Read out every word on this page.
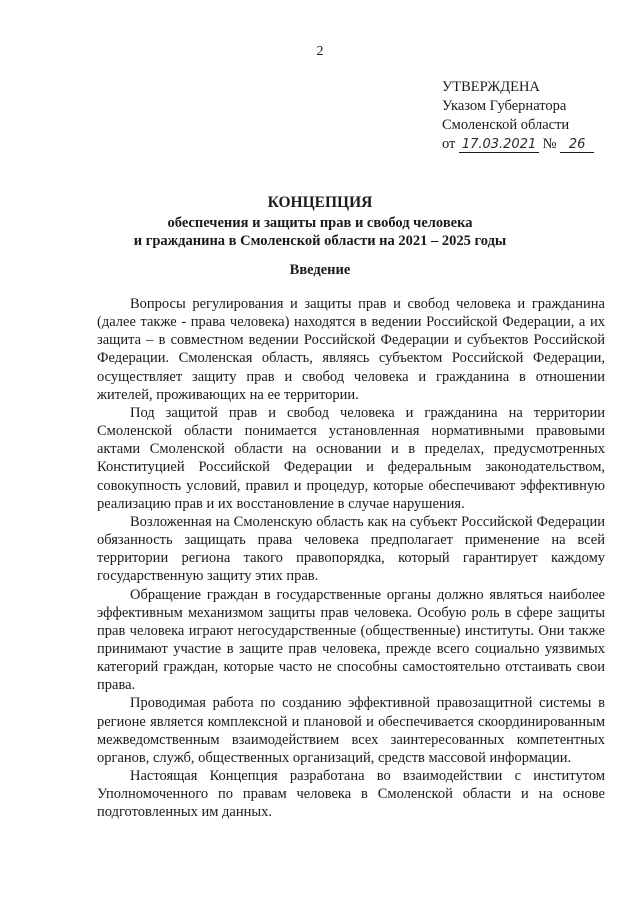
2
УТВЕРЖДЕНА
Указом Губернатора
Смоленской области
от 17.03.2021 № 26
КОНЦЕПЦИЯ
обеспечения и защиты прав и свобод человека
и гражданина в Смоленской области на 2021 – 2025 годы
Введение

Вопросы регулирования и защиты прав и свобод человека и гражданина (далее также - права человека) находятся в ведении Российской Федерации, а их защита – в совместном ведении Российской Федерации и субъектов Российской Федерации. Смоленская область, являясь субъектом Российской Федерации, осуществляет защиту прав и свобод человека и гражданина в отношении жителей, проживающих на ее территории.

Под защитой прав и свобод человека и гражданина на территории Смоленской области понимается установленная нормативными правовыми актами Смоленской области на основании и в пределах, предусмотренных Конституцией Российской Федерации и федеральным законодательством, совокупность условий, правил и процедур, которые обеспечивают эффективную реализацию прав и их восстановление в случае нарушения.

Возложенная на Смоленскую область как на субъект Российской Федерации обязанность защищать права человека предполагает применение на всей территории региона такого правопорядка, который гарантирует каждому государственную защиту этих прав.

Обращение граждан в государственные органы должно являться наиболее эффективным механизмом защиты прав человека. Особую роль в сфере защиты прав человека играют негосударственные (общественные) институты. Они также принимают участие в защите прав человека, прежде всего социально уязвимых категорий граждан, которые часто не способны самостоятельно отстаивать свои права.

Проводимая работа по созданию эффективной правозащитной системы в регионе является комплексной и плановой и обеспечивается скоординированным межведомственным взаимодействием всех заинтересованных компетентных органов, служб, общественных организаций, средств массовой информации.

Настоящая Концепция разработана во взаимодействии с институтом Уполномоченного по правам человека в Смоленской области и на основе подготовленных им данных.
